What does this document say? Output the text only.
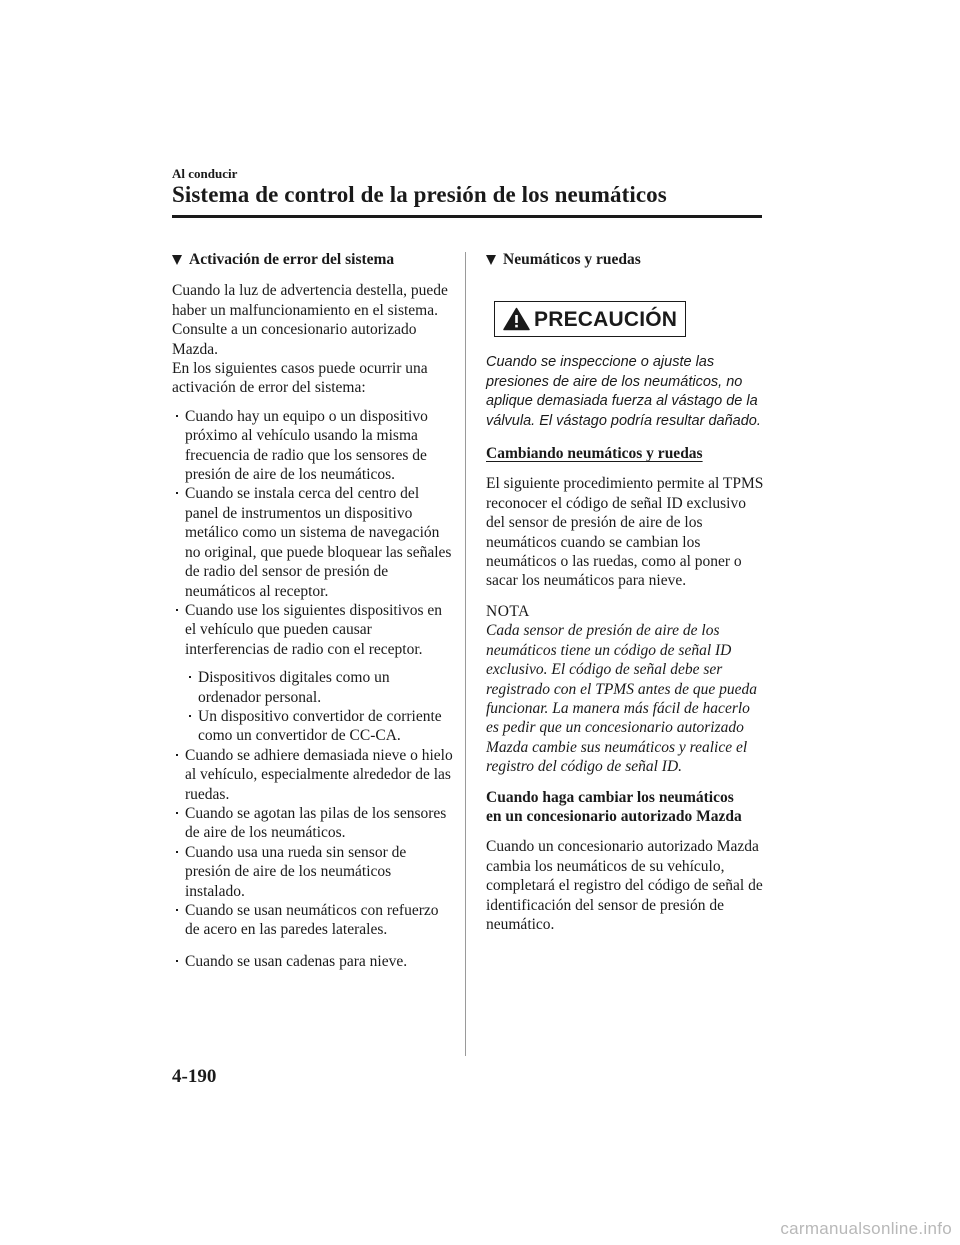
Al conducir

Sistema de control de la presión de los neumáticos
Activación de error del sistema

Cuando la luz de advertencia destella, puede haber un malfuncionamiento en el sistema. Consulte a un concesionario autorizado Mazda.

En los siguientes casos puede ocurrir una activación de error del sistema:

Cuando hay un equipo o un dispositivo próximo al vehículo usando la misma frecuencia de radio que los sensores de presión de aire de los neumáticos.
Cuando se instala cerca del centro del panel de instrumentos un dispositivo metálico como un sistema de navegación no original, que puede bloquear las señales de radio del sensor de presión de neumáticos al receptor.
Cuando use los siguientes dispositivos en el vehículo que pueden causar interferencias de radio con el receptor.
Dispositivos digitales como un ordenador personal.
Un dispositivo convertidor de corriente como un convertidor de CC-CA.
Cuando se adhiere demasiada nieve o hielo al vehículo, especialmente alrededor de las ruedas.
Cuando se agotan las pilas de los sensores de aire de los neumáticos.
Cuando usa una rueda sin sensor de presión de aire de los neumáticos instalado.
Cuando se usan neumáticos con refuerzo de acero en las paredes laterales.
Cuando se usan cadenas para nieve.
Neumáticos y ruedas
PRECAUCIÓN

Cuando se inspeccione o ajuste las presiones de aire de los neumáticos, no aplique demasiada fuerza al vástago de la válvula. El vástago podría resultar dañado.

Cambiando neumáticos y ruedas

El siguiente procedimiento permite al TPMS reconocer el código de señal ID exclusivo del sensor de presión de aire de los neumáticos cuando se cambian los neumáticos o las ruedas, como al poner o sacar los neumáticos para nieve.

NOTA

Cada sensor de presión de aire de los neumáticos tiene un código de señal ID exclusivo. El código de señal debe ser registrado con el TPMS antes de que pueda funcionar. La manera más fácil de hacerlo es pedir que un concesionario autorizado Mazda cambie sus neumáticos y realice el registro del código de señal ID.

Cuando haga cambiar los neumáticos
en un concesionario autorizado Mazda

Cuando un concesionario autorizado Mazda cambia los neumáticos de su vehículo, completará el registro del código de señal de identificación del sensor de presión de neumático.

4-190

carmanualsonline.info
